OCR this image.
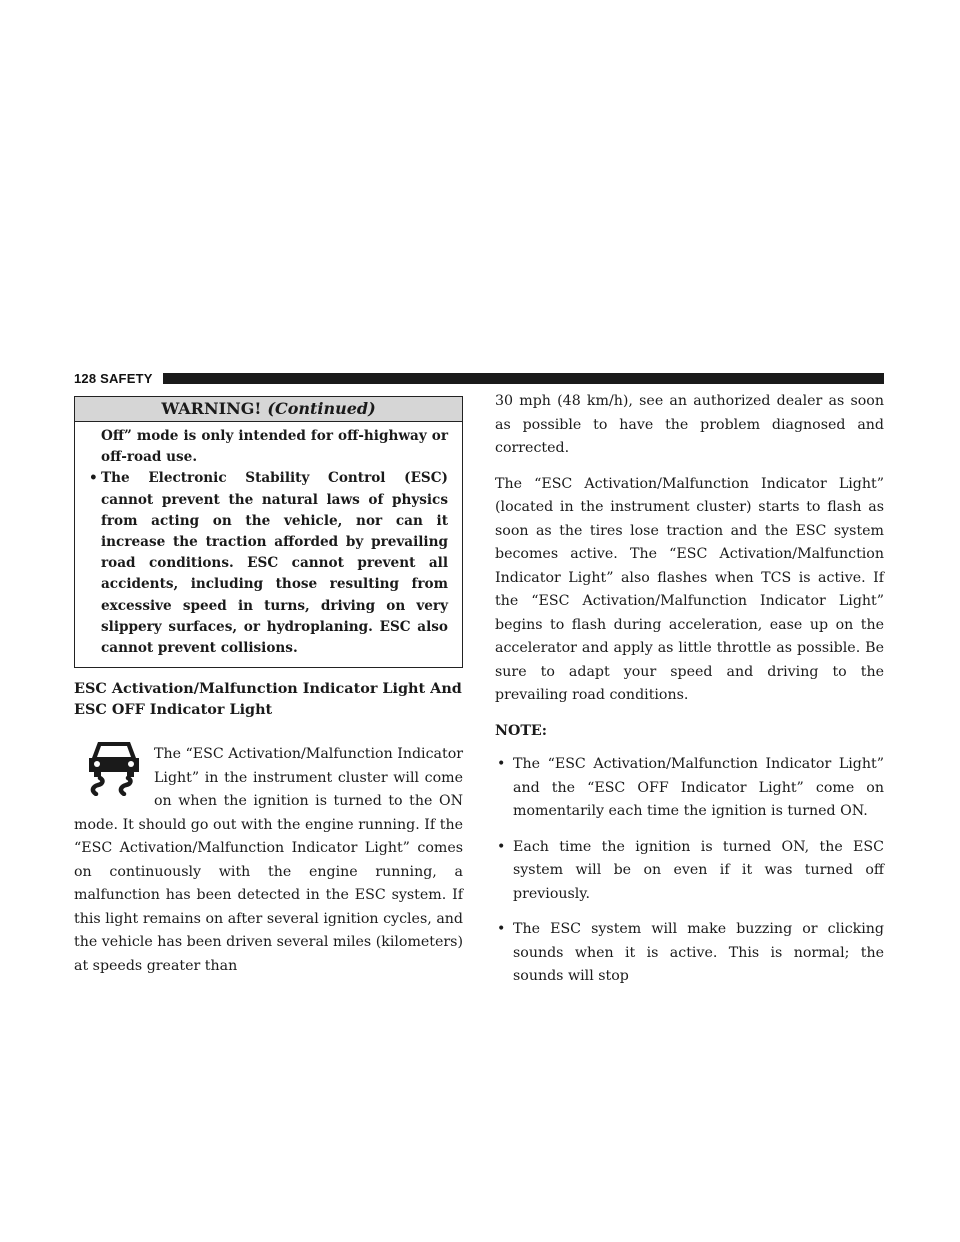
128 SAFETY
WARNING! (Continued)
Off” mode is only intended for off-highway or off-road use.
• The Electronic Stability Control (ESC) cannot prevent the natural laws of physics from acting on the vehicle, nor can it increase the traction afforded by prevailing road conditions. ESC cannot prevent all accidents, including those resulting from excessive speed in turns, driving on very slippery surfaces, or hydroplaning. ESC also cannot prevent collisions.
ESC Activation/Malfunction Indicator Light And ESC OFF Indicator Light

The “ESC Activation/Malfunction Indicator Light” in the instrument cluster will come on when the ignition is turned to the ON mode. It should go out with the engine running. If the “ESC Activation/Malfunction Indicator Light” comes on continuously with the engine running, a malfunction has been detected in the ESC system. If this light remains on after several ignition cycles, and the vehicle has been driven several miles (kilometers) at speeds greater than

30 mph (48 km/h), see an authorized dealer as soon as possible to have the problem diagnosed and corrected.

The “ESC Activation/Malfunction Indicator Light” (located in the instrument cluster) starts to flash as soon as the tires lose traction and the ESC system becomes active. The “ESC Activation/Malfunction Indicator Light” also flashes when TCS is active. If the “ESC Activation/Malfunction Indicator Light” begins to flash during acceleration, ease up on the accelerator and apply as little throttle as possible. Be sure to adapt your speed and driving to the prevailing road conditions.

NOTE:
• The “ESC Activation/Malfunction Indicator Light” and the “ESC OFF Indicator Light” come on momentarily each time the ignition is turned ON.
• Each time the ignition is turned ON, the ESC system will be on even if it was turned off previously.
• The ESC system will make buzzing or clicking sounds when it is active. This is normal; the sounds will stop
